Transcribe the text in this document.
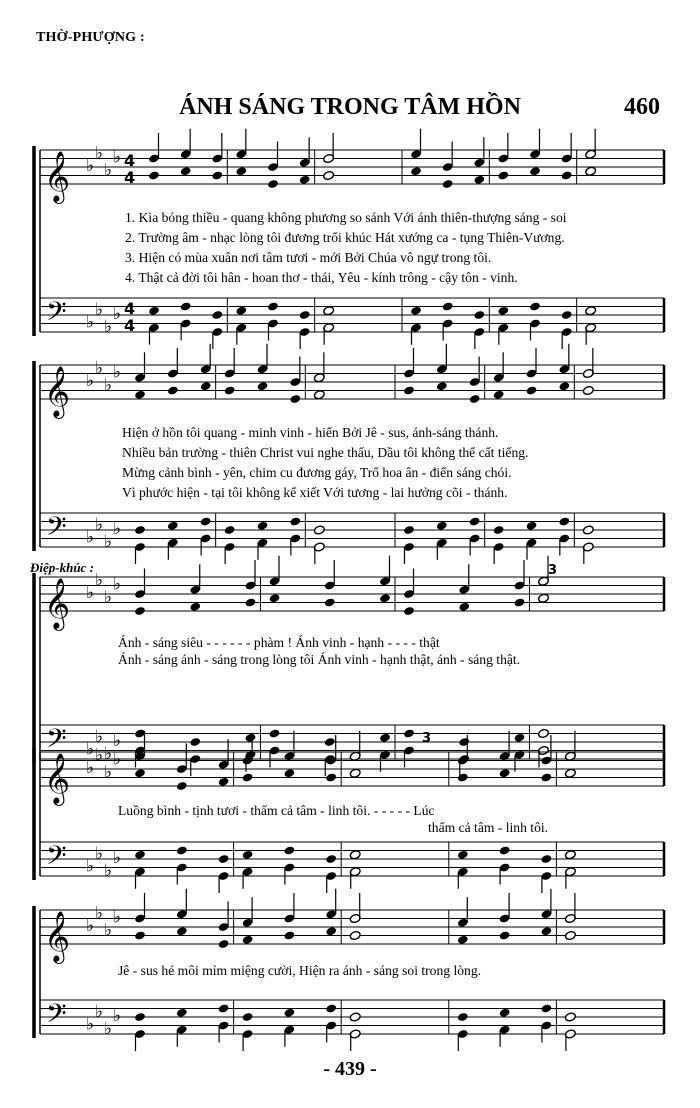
THỜ-PHƯỢNG :
ÁNH SÁNG TRONG TÂM HỒN	460
𝄞
𝄢
♭
♭
♭
♭
♭
♭
♭
♭
4
4
4
4
𝄞
𝄢
♭
♭
♭
♭
♭
♭
♭
♭
𝄞
𝄢
♭
♭
♭
♭
♭
♭
♭
♭
𝄞
𝄢
♭
♭
♭
♭
♭
♭
♭
♭
𝄞
𝄢
♭
♭
♭
♭
♭
♭
♭
♭
3
3
1. Kìa bóng thiều - quang không phương so sánh Với ánh thiên-thượng sáng - soi
2. Trường âm - nhạc lòng tôi đương trổi khúc Hát xướng ca - tụng Thiên-Vương.
3. Hiện có mùa xuân nơi tâm tươi - mới Bởi Chúa vô ngự trong tôi.
4. Thật cả đời tôi hân - hoan thơ - thái, Yêu - kính trông - cậy tôn - vinh.
Hiện ở hồn tôi quang - minh vinh - hiển Bởi Jê - sus, ánh-sáng thánh.
Nhiều bản trường - thiên Christ vui nghe thấu, Dầu tôi không thể cất tiếng.
Mừng cảnh bình - yên, chim cu đương gáy, Trổ hoa ân - điển sáng chói.
Vì phước hiện - tại tôi không kể xiết Với tương - lai hưởng cõi - thánh.
Điệp-khúc :
Ánh - sáng siêu - - - - - - phàm ! Ánh vinh - hạnh - - - - thật
Ánh - sáng ánh - sáng trong lòng tôi Ánh vinh - hạnh thật, ánh - sáng thật.
Luồng bình - tịnh tươi - thấm cả tâm - linh tôi. - - - - - Lúc
thấm cả tâm - linh tôi.
Jê - sus hé môi mỉm miệng cười, Hiện ra ánh - sáng soi trong lòng.
- 439 -
